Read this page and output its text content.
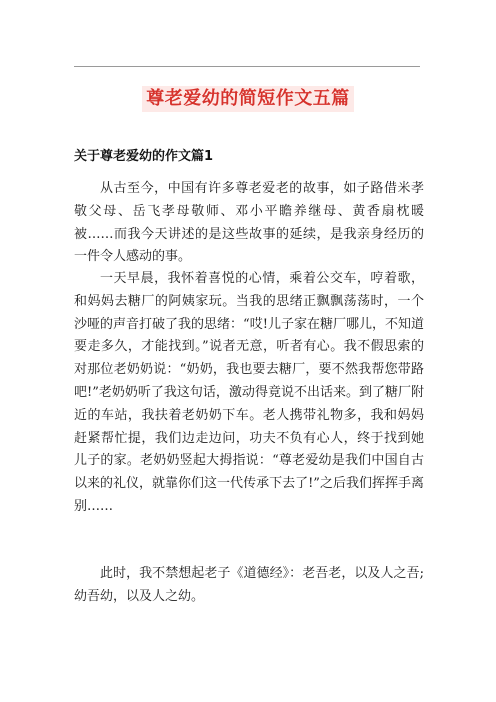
尊老爱幼的简短作文五篇
关于尊老爱幼的作文篇1

从古至今，中国有许多尊老爱老的故事，如子路借米孝敬父母、岳飞孝母敬师、邓小平瞻养继母、黄香扇枕暖被……而我今天讲述的是这些故事的延续，是我亲身经历的一件令人感动的事。

一天早晨，我怀着喜悦的心情，乘着公交车，哼着歌，和妈妈去糖厂的阿姨家玩。当我的思绪正飘飘荡荡时，一个沙哑的声音打破了我的思绪：“哎!儿子家在糖厂哪儿，不知道要走多久，才能找到。”说者无意，听者有心。我不假思索的对那位老奶奶说：“奶奶，我也要去糖厂，要不然我帮您带路吧!”老奶奶听了我这句话，激动得竟说不出话来。到了糖厂附近的车站，我扶着老奶奶下车。老人携带礼物多，我和妈妈赶紧帮忙提，我们边走边问，功夫不负有心人，终于找到她儿子的家。老奶奶竖起大拇指说：“尊老爱幼是我们中国自古以来的礼仪，就靠你们这一代传承下去了!”之后我们挥挥手离别……

此时，我不禁想起老子《道德经》：老吾老，以及人之吾;幼吾幼，以及人之幼。
